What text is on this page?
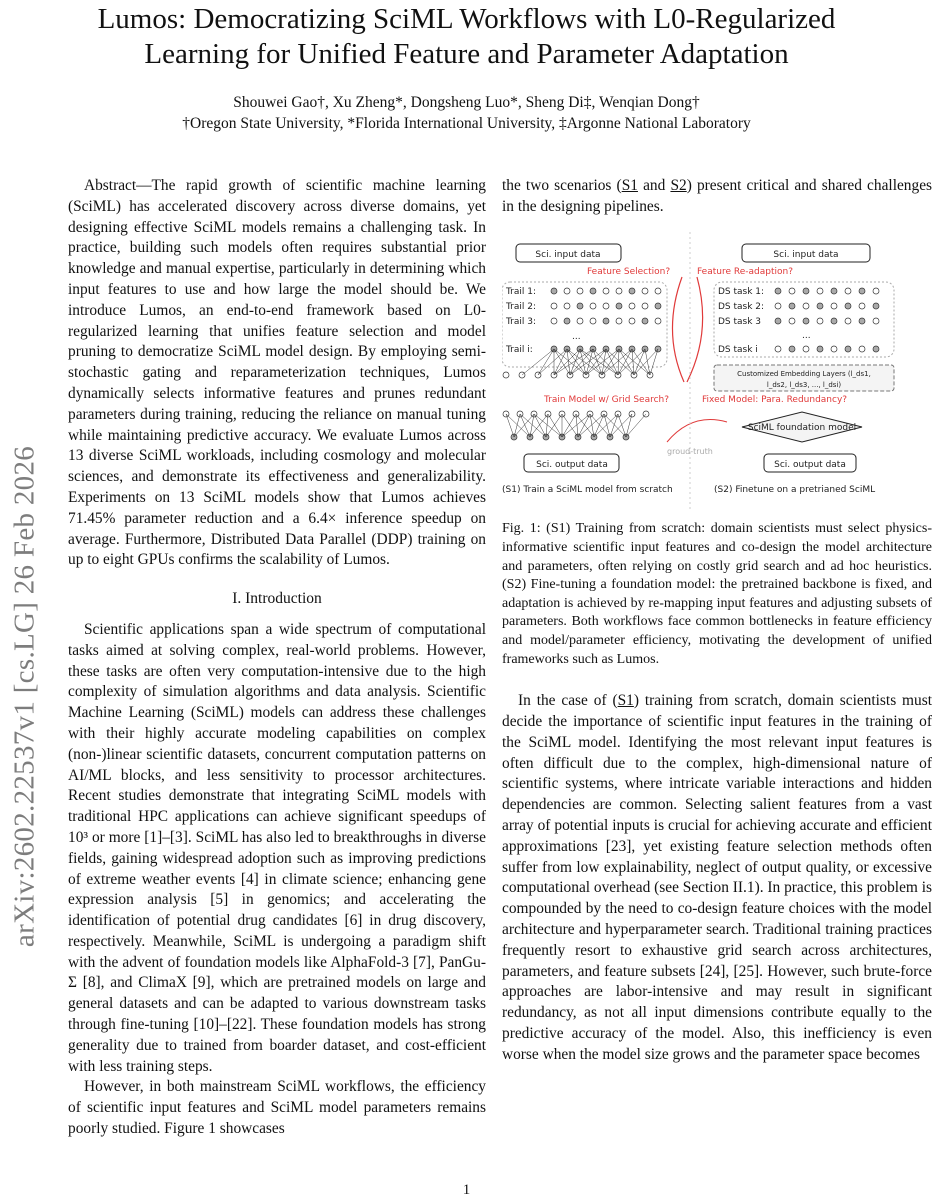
Lumos: Democratizing SciML Workflows with L0-Regularized
Learning for Unified Feature and Parameter Adaptation
Shouwei Gao†, Xu Zheng*, Dongsheng Luo*, Sheng Di‡, Wenqian Dong†
†Oregon State University, *Florida International University, ‡Argonne National Laboratory
arXiv:2602.22537v1 [cs.LG] 26 Feb 2026

Abstract—The rapid growth of scientific machine learning (SciML) has accelerated discovery across diverse domains, yet designing effective SciML models remains a challenging task. In practice, building such models often requires substantial prior knowledge and manual expertise, particularly in determining which input features to use and how large the model should be. We introduce Lumos, an end-to-end framework based on L0-regularized learning that unifies feature selection and model pruning to democratize SciML model design. By employing semi-stochastic gating and reparameterization techniques, Lumos dynamically selects informative features and prunes redundant parameters during training, reducing the reliance on manual tuning while maintaining predictive accuracy. We evaluate Lumos across 13 diverse SciML workloads, including cosmology and molecular sciences, and demonstrate its effectiveness and generalizability. Experiments on 13 SciML models show that Lumos achieves 71.45% parameter reduction and a 6.4× inference speedup on average. Furthermore, Distributed Data Parallel (DDP) training on up to eight GPUs confirms the scalability of Lumos.

I. Introduction

Scientific applications span a wide spectrum of computational tasks aimed at solving complex, real-world problems. However, these tasks are often very computation-intensive due to the high complexity of simulation algorithms and data analysis. Scientific Machine Learning (SciML) models can address these challenges with their highly accurate modeling capabilities on complex (non-)linear scientific datasets, concurrent computation patterns on AI/ML blocks, and less sensitivity to processor architectures. Recent studies demonstrate that integrating SciML models with traditional HPC applications can achieve significant speedups of 10³ or more [1]–[3]. SciML has also led to breakthroughs in diverse fields, gaining widespread adoption such as improving predictions of extreme weather events [4] in climate science; enhancing gene expression analysis [5] in genomics; and accelerating the identification of potential drug candidates [6] in drug discovery, respectively. Meanwhile, SciML is undergoing a paradigm shift with the advent of foundation models like AlphaFold-3 [7], PanGu-Σ [8], and ClimaX [9], which are pretrained models on large and general datasets and can be adapted to various downstream tasks through fine-tuning [10]–[22]. These foundation models has strong generality due to trained from boarder dataset, and cost-efficient with less training steps.

However, in both mainstream SciML workflows, the efficiency of scientific input features and SciML model parameters remains poorly studied. Figure 1 showcases

the two scenarios (S1 and S2) present critical and shared challenges in the designing pipelines.

Sci. input data	Sci. input data
Feature Selection?	Feature Re-adaption?
Trail 1:
Trail 2:
Trail 3:
...
Trail i:
DS task 1:
DS task 2:
DS task 3
...
DS task i
Customized Embedding Layers (l_ds1,
l_ds2, l_ds3, ..., l_dsi)
Train Model w/ Grid Search?	Fixed Model: Para. Redundancy?
groud-truth
SciML foundation model
Sci. output data	Sci. output data
(S1) Train a SciML model from scratch	(S2) Finetune on a pretrianed SciML

Fig. 1: (S1) Training from scratch: domain scientists must select physics-informative scientific input features and co-design the model architecture and parameters, often relying on costly grid search and ad hoc heuristics. (S2) Fine-tuning a foundation model: the pretrained backbone is fixed, and adaptation is achieved by re-mapping input features and adjusting subsets of parameters. Both workflows face common bottlenecks in feature efficiency and model/parameter efficiency, motivating the development of unified frameworks such as Lumos.

In the case of (S1) training from scratch, domain scientists must decide the importance of scientific input features in the training of the SciML model. Identifying the most relevant input features is often difficult due to the complex, high-dimensional nature of scientific systems, where intricate variable interactions and hidden dependencies are common. Selecting salient features from a vast array of potential inputs is crucial for achieving accurate and efficient approximations [23], yet existing feature selection methods often suffer from low explainability, neglect of output quality, or excessive computational overhead (see Section II.1). In practice, this problem is compounded by the need to co-design feature choices with the model architecture and hyperparameter search. Traditional training practices frequently resort to exhaustive grid search across architectures, parameters, and feature subsets [24], [25]. However, such brute-force approaches are labor-intensive and may result in significant redundancy, as not all input dimensions contribute equally to the predictive accuracy of the model. Also, this inefficiency is even worse when the model size grows and the parameter space becomes

1
